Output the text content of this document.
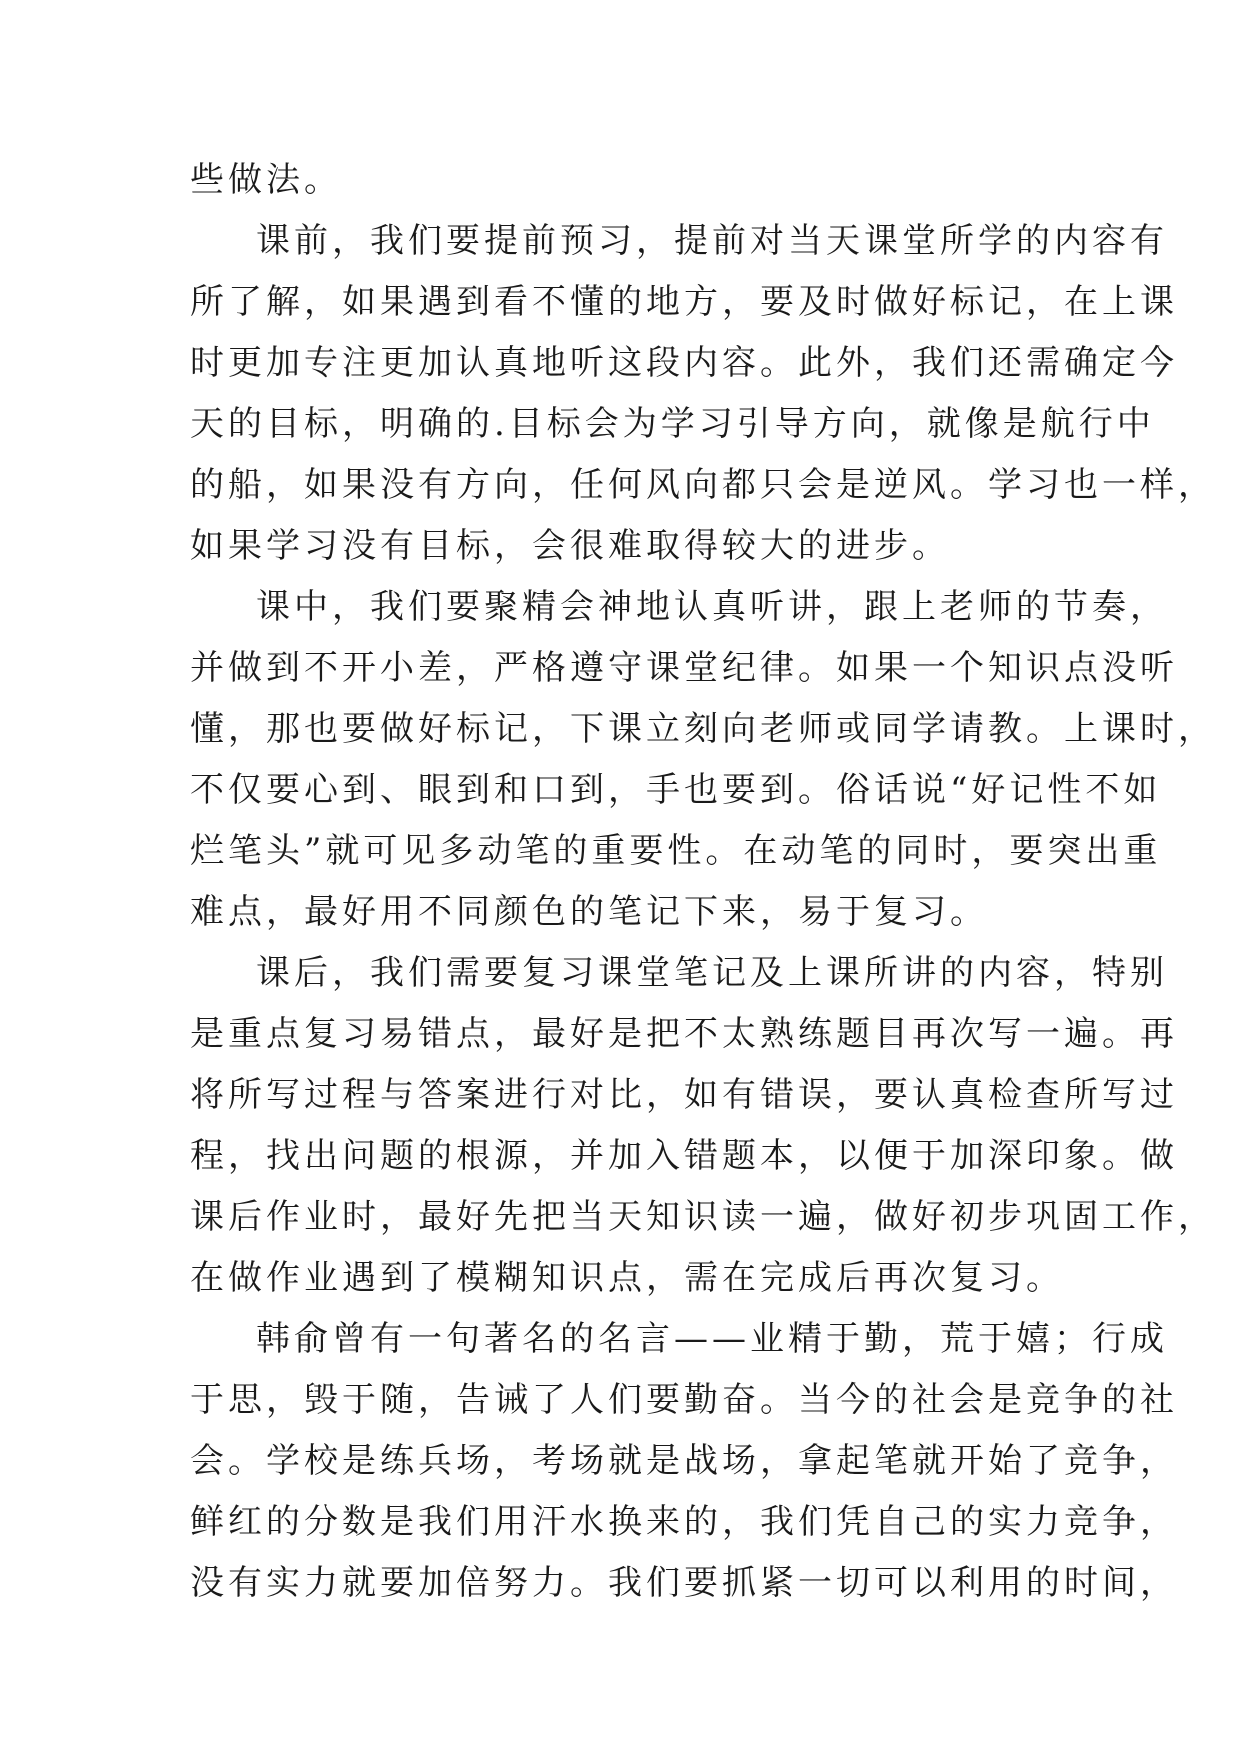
些做法。
课前，我们要提前预习，提前对当天课堂所学的内容有
所了解，如果遇到看不懂的地方，要及时做好标记，在上课
时更加专注更加认真地听这段内容。此外，我们还需确定今
天的目标，明确的.目标会为学习引导方向，就像是航行中
的船，如果没有方向，任何风向都只会是逆风。学习也一样，
如果学习没有目标，会很难取得较大的进步。
课中，我们要聚精会神地认真听讲，跟上老师的节奏，
并做到不开小差，严格遵守课堂纪律。如果一个知识点没听
懂，那也要做好标记，下课立刻向老师或同学请教。上课时，
不仅要心到、眼到和口到，手也要到。俗话说“好记性不如
烂笔头”就可见多动笔的重要性。在动笔的同时，要突出重
难点，最好用不同颜色的笔记下来，易于复习。
课后，我们需要复习课堂笔记及上课所讲的内容，特别
是重点复习易错点，最好是把不太熟练题目再次写一遍。再
将所写过程与答案进行对比，如有错误，要认真检查所写过
程，找出问题的根源，并加入错题本，以便于加深印象。做
课后作业时，最好先把当天知识读一遍，做好初步巩固工作，
在做作业遇到了模糊知识点，需在完成后再次复习。
韩俞曾有一句著名的名言——业精于勤，荒于嬉；行成
于思，毁于随，告诫了人们要勤奋。当今的社会是竞争的社
会。学校是练兵场，考场就是战场，拿起笔就开始了竞争，
鲜红的分数是我们用汗水换来的，我们凭自己的实力竞争，
没有实力就要加倍努力。我们要抓紧一切可以利用的时间，
